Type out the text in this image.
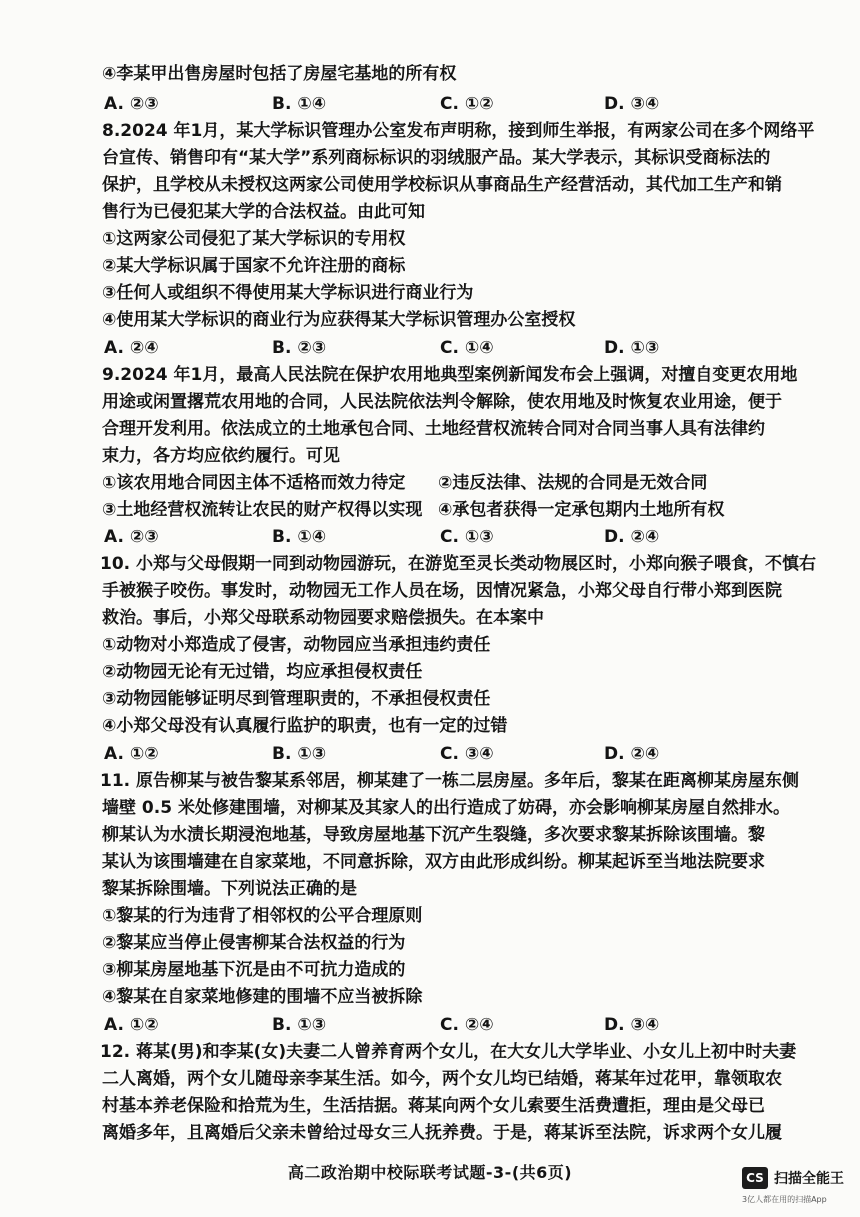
④李某甲出售房屋时包括了房屋宅基地的所有权
A. ②③	B. ①④	C. ①②	D. ③④
8.2024 年1月，某大学标识管理办公室发布声明称，接到师生举报，有两家公司在多个网络平
台宣传、销售印有“某大学”系列商标标识的羽绒服产品。某大学表示，其标识受商标法的
保护，且学校从未授权这两家公司使用学校标识从事商品生产经营活动，其代加工生产和销
售行为已侵犯某大学的合法权益。由此可知
①这两家公司侵犯了某大学标识的专用权
②某大学标识属于国家不允许注册的商标
③任何人或组织不得使用某大学标识进行商业行为
④使用某大学标识的商业行为应获得某大学标识管理办公室授权
A. ②④	B. ②③	C. ①④	D. ①③
9.2024 年1月，最高人民法院在保护农用地典型案例新闻发布会上强调，对擅自变更农用地
用途或闲置撂荒农用地的合同，人民法院依法判令解除，使农用地及时恢复农业用途，便于
合理开发利用。依法成立的土地承包合同、土地经营权流转合同对合同当事人具有法律约
束力，各方均应依约履行。可见
①该农用地合同因主体不适格而效力待定 ②违反法律、法规的合同是无效合同
③土地经营权流转让农民的财产权得以实现 ④承包者获得一定承包期内土地所有权
A. ②③	B. ①④	C. ①③	D. ②④
10. 小郑与父母假期一同到动物园游玩，在游览至灵长类动物展区时，小郑向猴子喂食，不慎右
手被猴子咬伤。事发时，动物园无工作人员在场，因情况紧急，小郑父母自行带小郑到医院
救治。事后，小郑父母联系动物园要求赔偿损失。在本案中
①动物对小郑造成了侵害，动物园应当承担违约责任
②动物园无论有无过错，均应承担侵权责任
③动物园能够证明尽到管理职责的，不承担侵权责任
④小郑父母没有认真履行监护的职责，也有一定的过错
A. ①②	B. ①③	C. ③④	D. ②④
11. 原告柳某与被告黎某系邻居，柳某建了一栋二层房屋。多年后，黎某在距离柳某房屋东侧
墙壁 0.5 米处修建围墙，对柳某及其家人的出行造成了妨碍，亦会影响柳某房屋自然排水。
柳某认为水渍长期浸泡地基，导致房屋地基下沉产生裂缝，多次要求黎某拆除该围墙。黎
某认为该围墙建在自家菜地，不同意拆除，双方由此形成纠纷。柳某起诉至当地法院要求
黎某拆除围墙。下列说法正确的是
①黎某的行为违背了相邻权的公平合理原则
②黎某应当停止侵害柳某合法权益的行为
③柳某房屋地基下沉是由不可抗力造成的
④黎某在自家菜地修建的围墙不应当被拆除
A. ①②	B. ①③	C. ②④	D. ③④
12. 蒋某(男)和李某(女)夫妻二人曾养育两个女儿，在大女儿大学毕业、小女儿上初中时夫妻
二人离婚，两个女儿随母亲李某生活。如今，两个女儿均已结婚，蒋某年过花甲，靠领取农
村基本养老保险和拾荒为生，生活拮据。蒋某向两个女儿索要生活费遭拒，理由是父母已
离婚多年，且离婚后父亲未曾给过母女三人抚养费。于是，蒋某诉至法院，诉求两个女儿履
高二政治期中校际联考试题-3-(共6页)	CS 扫描全能王
3亿人都在用的扫描App
